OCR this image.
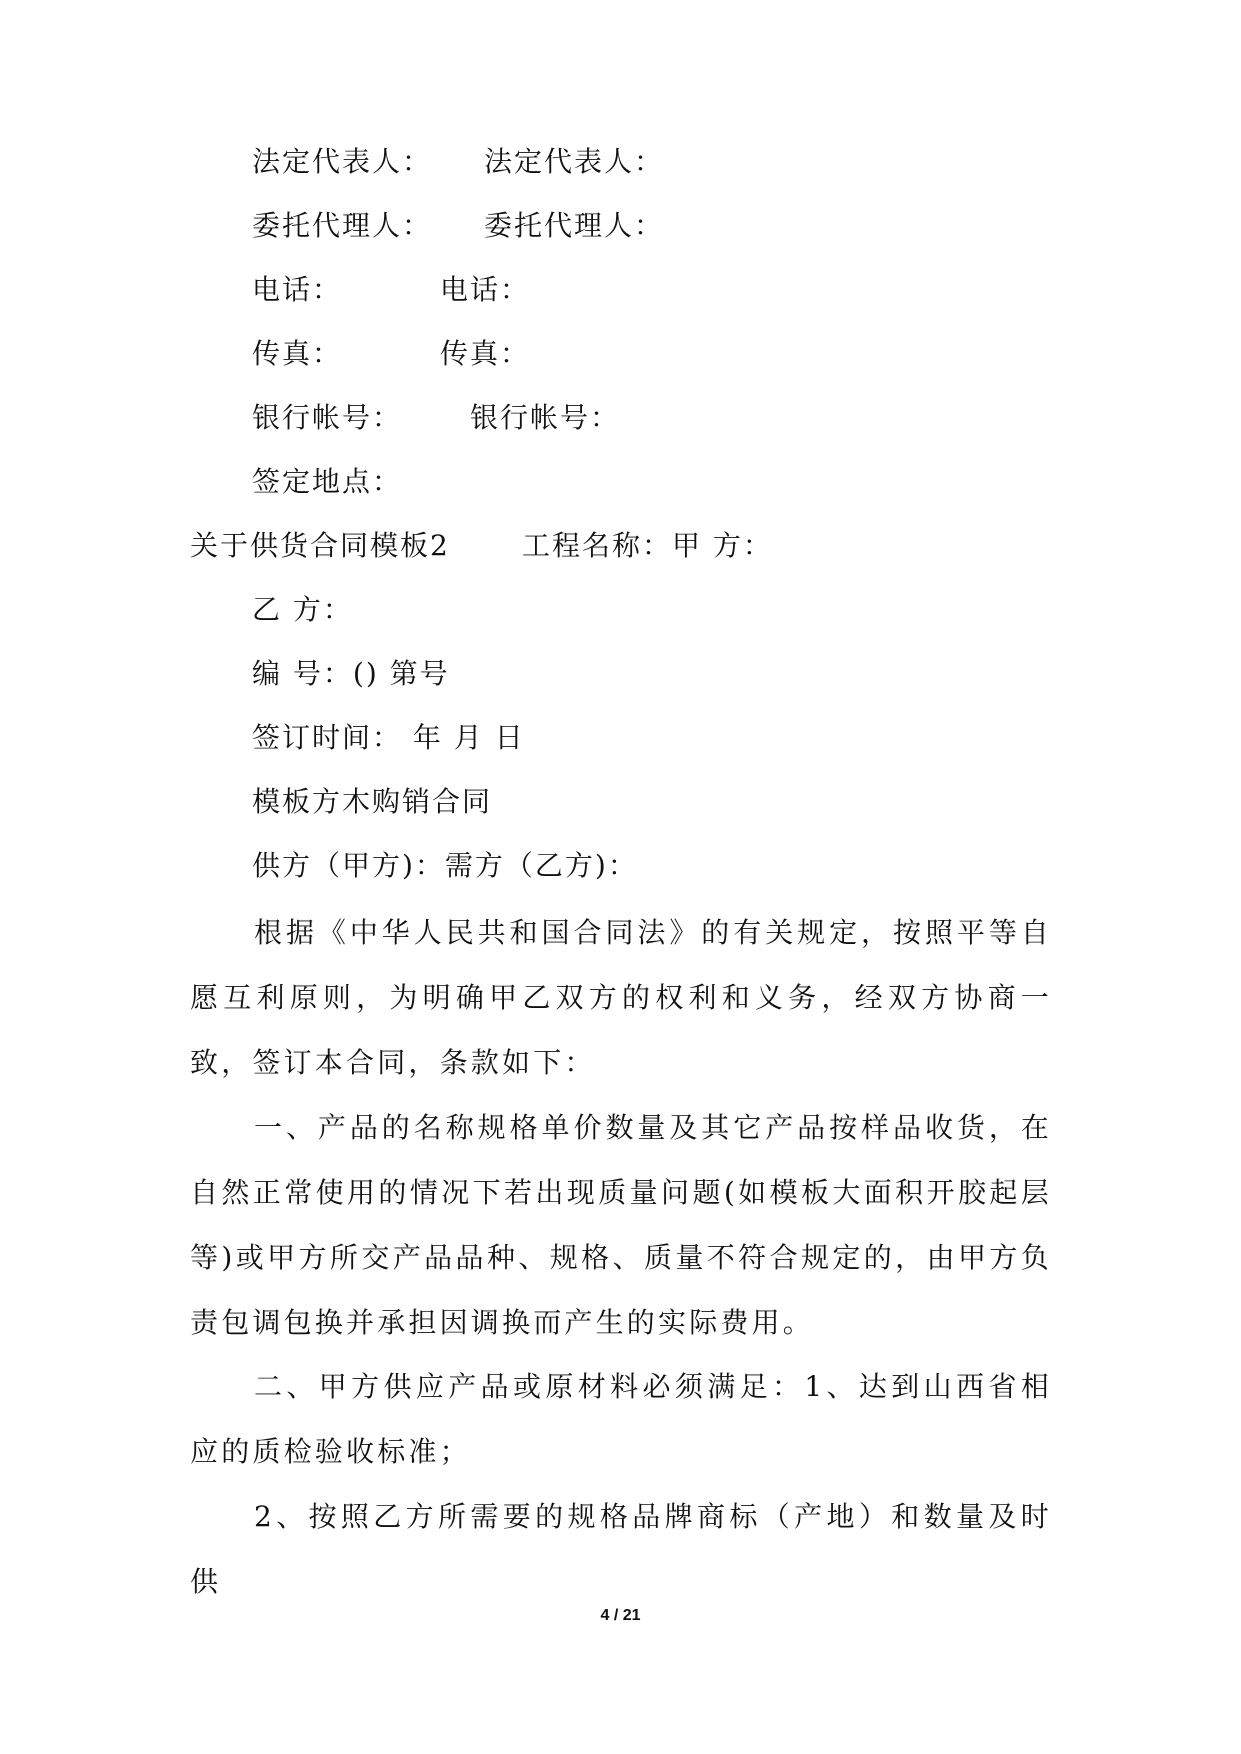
法定代表人： 法定代表人：
委托代理人： 委托代理人：
电话：	电话：
传真：	传真：
银行帐号： 银行帐号：
签定地点：
关于供货合同模板2	工程名称：甲 方：
乙 方：
编 号：() 第号
签订时间： 年 月 日
模板方木购销合同
供方（甲方)：需方（乙方)：
根据《中华人民共和国合同法》的有关规定，按照平等自愿互利原则，为明确甲乙双方的权利和义务，经双方协商一致，签订本合同，条款如下：
一、产品的名称规格单价数量及其它产品按样品收货，在自然正常使用的情况下若出现质量问题(如模板大面积开胶起层等)或甲方所交产品品种、规格、质量不符合规定的，由甲方负责包调包换并承担因调换而产生的实际费用。
二、甲方供应产品或原材料必须满足：1、达到山西省相应的质检验收标准；
2、按照乙方所需要的规格品牌商标（产地）和数量及时供
4 / 21
